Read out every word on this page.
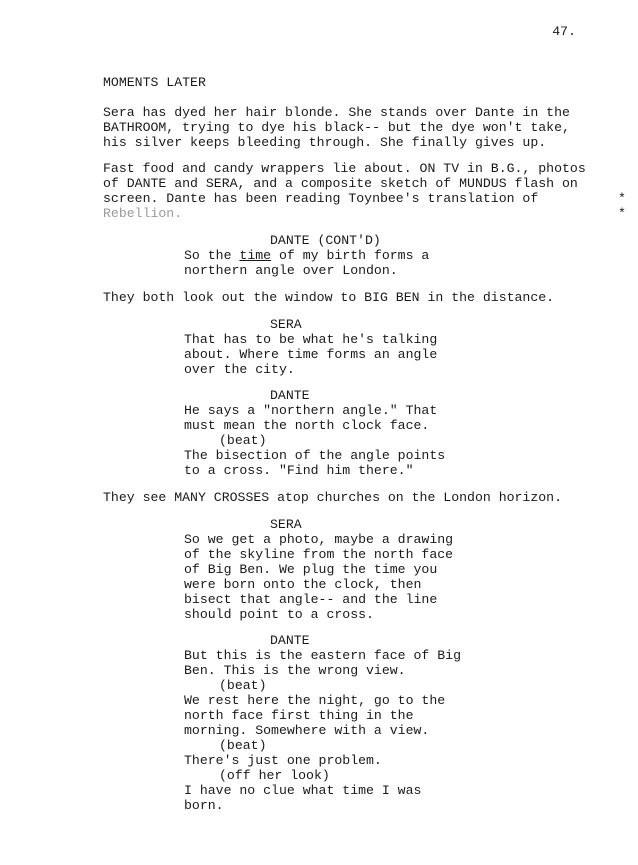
47.
MOMENTS LATER
Sera has dyed her hair blonde. She stands over Dante in the
BATHROOM, trying to dye his black-- but the dye won't take,
his silver keeps bleeding through. She finally gives up.
Fast food and candy wrappers lie about. ON TV in B.G., photos
of DANTE and SERA, and a composite sketch of MUNDUS flash on
screen. Dante has been reading Toynbee's translation of
Rebellion.
*
*
DANTE (CONT'D)
So the time of my birth forms a
northern angle over London.
They both look out the window to BIG BEN in the distance.
SERA
That has to be what he's talking
about. Where time forms an angle
over the city.
DANTE
He says a "northern angle." That
must mean the north clock face.
(beat)
The bisection of the angle points
to a cross. "Find him there."
They see MANY CROSSES atop churches on the London horizon.
SERA
So we get a photo, maybe a drawing
of the skyline from the north face
of Big Ben. We plug the time you
were born onto the clock, then
bisect that angle-- and the line
should point to a cross.
DANTE
But this is the eastern face of Big
Ben. This is the wrong view.
(beat)
We rest here the night, go to the
north face first thing in the
morning. Somewhere with a view.
(beat)
There's just one problem.
(off her look)
I have no clue what time I was
born.
